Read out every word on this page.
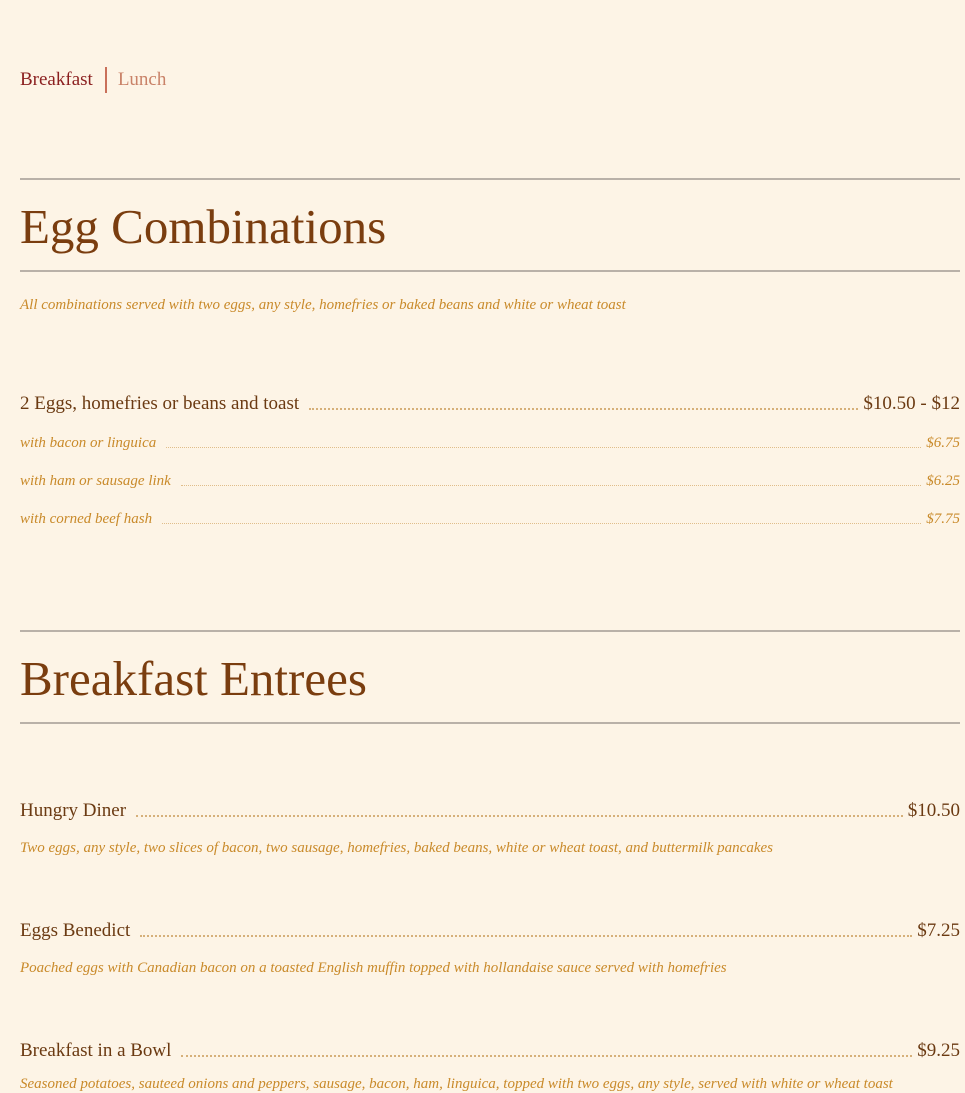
Breakfast Lunch
Egg Combinations
All combinations served with two eggs, any style, homefries or baked beans and white or wheat toast
2 Eggs, homefries or beans and toast	$10.50 - $12
with bacon or linguica	$6.75
with ham or sausage link	$6.25
with corned beef hash	$7.75
Breakfast Entrees
Hungry Diner	$10.50
Two eggs, any style, two slices of bacon, two sausage, homefries, baked beans, white or wheat toast, and buttermilk pancakes
Eggs Benedict	$7.25
Poached eggs with Canadian bacon on a toasted English muffin topped with hollandaise sauce served with homefries
Breakfast in a Bowl	$9.25
Seasoned potatoes, sauteed onions and peppers, sausage, bacon, ham, linguica, topped with two eggs, any style, served with white or wheat toast
